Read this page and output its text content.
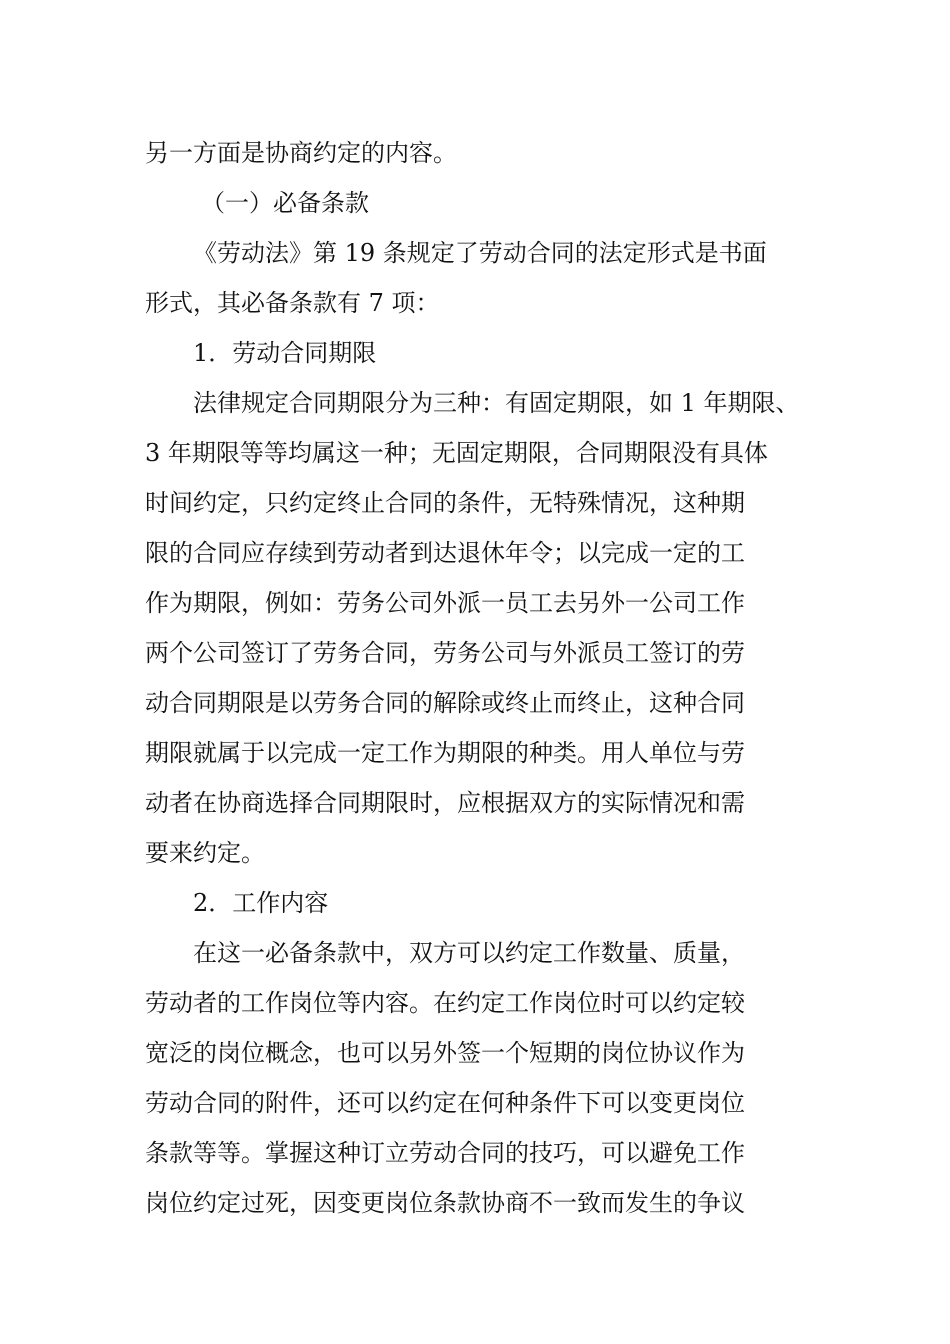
另一方面是协商约定的内容。
（一）必备条款
《劳动法》第 19 条规定了劳动合同的法定形式是书面
形式，其必备条款有 7 项：
1．劳动合同期限
法律规定合同期限分为三种：有固定期限，如 1 年期限、
3 年期限等等均属这一种；无固定期限，合同期限没有具体
时间约定，只约定终止合同的条件，无特殊情况，这种期
限的合同应存续到劳动者到达退休年令；以完成一定的工
作为期限，例如：劳务公司外派一员工去另外一公司工作
两个公司签订了劳务合同，劳务公司与外派员工签订的劳
动合同期限是以劳务合同的解除或终止而终止，这种合同
期限就属于以完成一定工作为期限的种类。用人单位与劳
动者在协商选择合同期限时，应根据双方的实际情况和需
要来约定。
2．工作内容
在这一必备条款中，双方可以约定工作数量、质量，
劳动者的工作岗位等内容。在约定工作岗位时可以约定较
宽泛的岗位概念，也可以另外签一个短期的岗位协议作为
劳动合同的附件，还可以约定在何种条件下可以变更岗位
条款等等。掌握这种订立劳动合同的技巧，可以避免工作
岗位约定过死，因变更岗位条款协商不一致而发生的争议
